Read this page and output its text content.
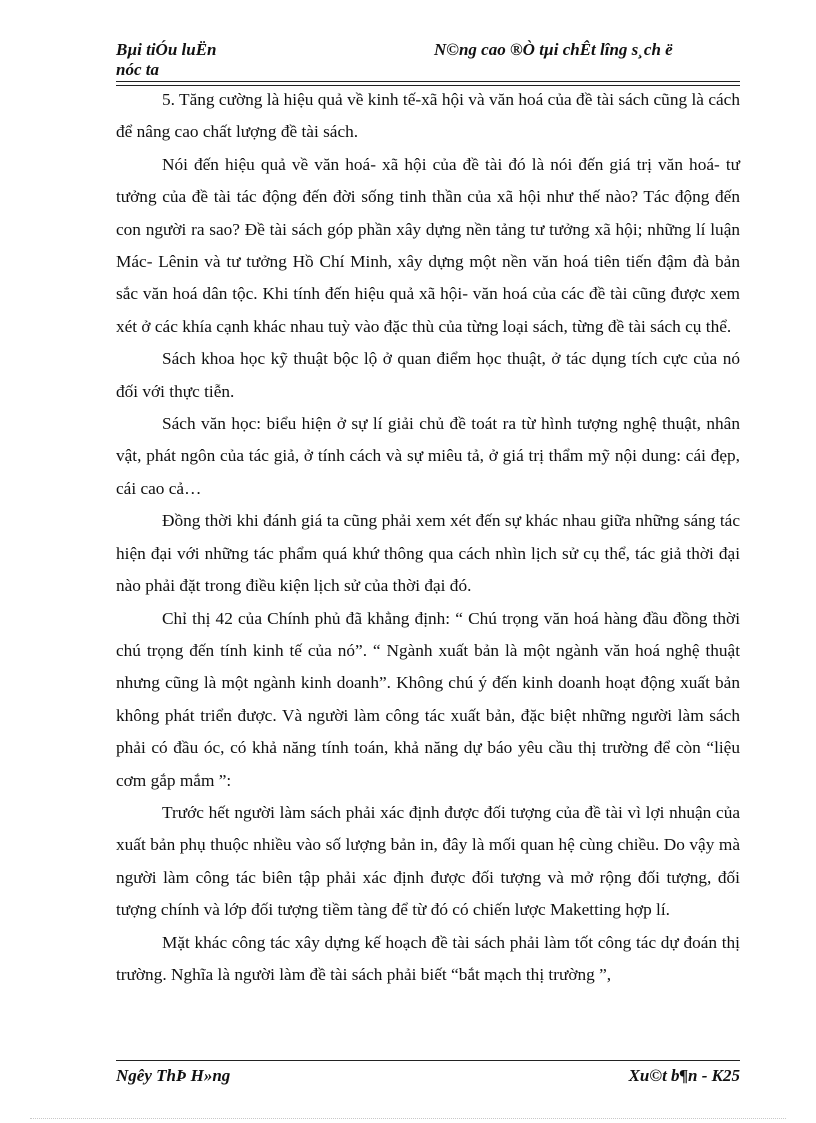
Bµi tiÓu luËn
nóc ta
N©ng cao ®Ò tµi chÊt lîng s¸ch ë

5. Tăng cường là hiệu quả về kinh tế-xã hội và văn hoá của đề tài sách cũng là cách để nâng cao chất lượng đề tài sách.

Nói đến hiệu quả về văn hoá- xã hội của đề tài đó là nói đến giá trị văn hoá- tư tưởng của đề tài tác động đến đời sống tinh thần của xã hội như thế nào? Tác động đến con người ra sao? Đề tài sách góp phần xây dựng nền tảng tư tưởng xã hội; những lí luận Mác- Lênin và tư tưởng Hồ Chí Minh, xây dựng một nền văn hoá tiên tiến đậm đà bản sắc văn hoá dân tộc. Khi tính đến hiệu quả xã hội- văn hoá của các đề tài cũng được xem xét ở các khía cạnh khác nhau tuỳ vào đặc thù của từng loại sách, từng đề tài sách cụ thể.

Sách khoa học kỹ thuật bộc lộ ở quan điểm học thuật, ở tác dụng tích cực của nó đối với thực tiễn.

Sách văn học: biểu hiện ở sự lí giải chủ đề toát ra từ hình tượng nghệ thuật, nhân vật, phát ngôn của tác giả, ở tính cách và sự miêu tả, ở giá trị thẩm mỹ nội dung: cái đẹp, cái cao cả…

Đồng thời khi đánh giá ta cũng phải xem xét đến sự khác nhau giữa những sáng tác hiện đại với những tác phẩm quá khứ thông qua cách nhìn lịch sử cụ thể, tác giả thời đại nào phải đặt trong điều kiện lịch sử của thời đại đó.

Chỉ thị 42 của Chính phủ đã khẳng định: “ Chú trọng văn hoá hàng đầu đồng thời chú trọng đến tính kinh tế của nó”. “ Ngành xuất bản là một ngành văn hoá nghệ thuật nhưng cũng là một ngành kinh doanh”. Không chú ý đến kinh doanh hoạt động xuất bản không phát triển được. Và người làm công tác xuất bản, đặc biệt những người làm sách phải có đầu óc, có khả năng tính toán, khả năng dự báo yêu cầu thị trường để còn “liệu cơm gắp mắm ”:

Trước hết người làm sách phải xác định được đối tượng của đề tài vì lợi nhuận của xuất bản phụ thuộc nhiều vào số lượng bản in, đây là mối quan hệ cùng chiều. Do vậy mà người làm công tác biên tập phải xác định được đối tượng và mở rộng đối tượng, đối tượng chính và lớp đối tượng tiềm tàng để từ đó có chiến lược Maketting hợp lí.

Mặt khác công tác xây dựng kế hoạch đề tài sách phải làm tốt công tác dự đoán thị trường. Nghĩa là người làm đề tài sách phải biết “bắt mạch thị trường ”,

Ngêy ThÞ H»ng	Xu©t b¶n - K25
